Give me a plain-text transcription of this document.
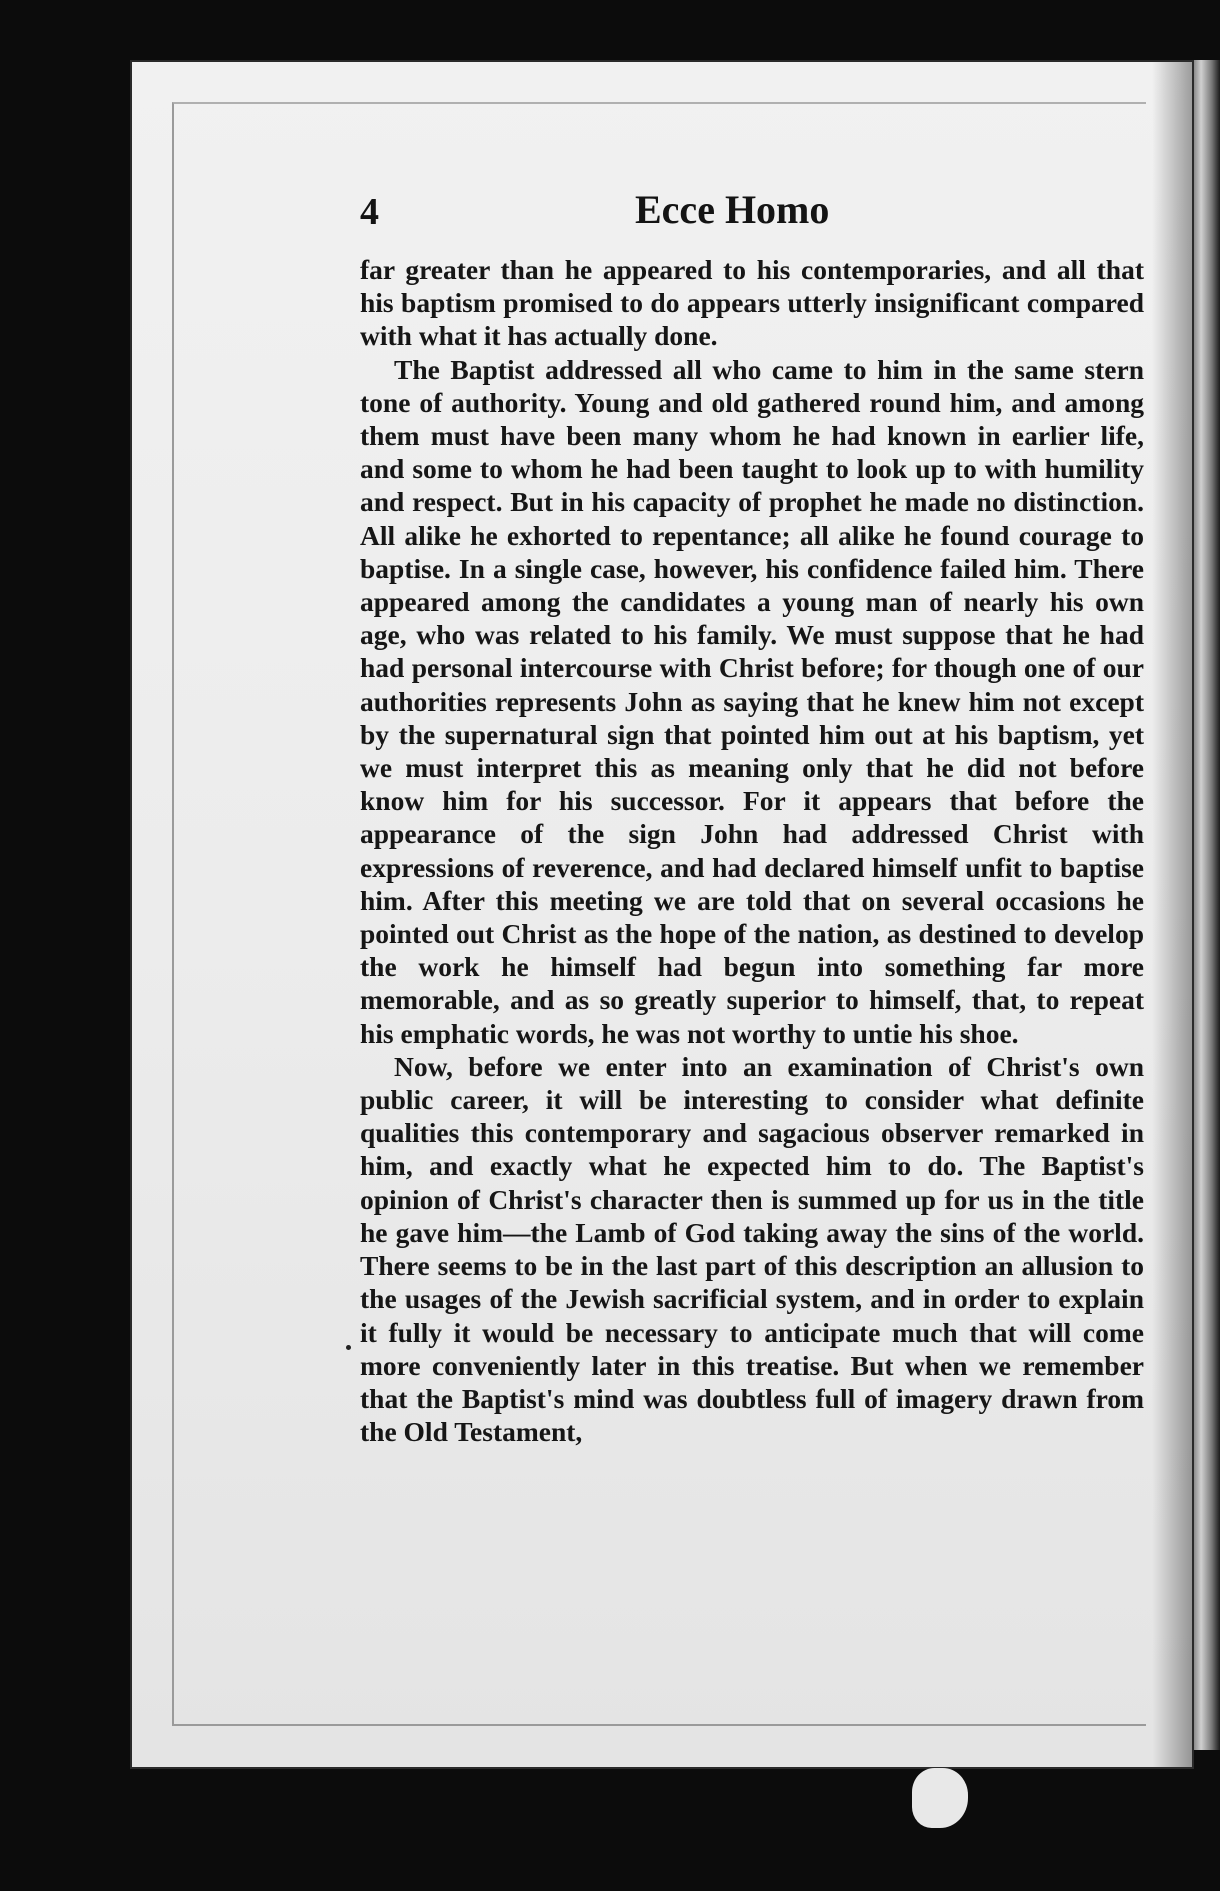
4	Ecce Homo

far greater than he appeared to his contemporaries, and all that his baptism promised to do appears utterly insignificant compared with what it has actually done.

The Baptist addressed all who came to him in the same stern tone of authority. Young and old gathered round him, and among them must have been many whom he had known in earlier life, and some to whom he had been taught to look up to with humility and respect. But in his capacity of prophet he made no distinction. All alike he exhorted to repentance; all alike he found courage to baptise. In a single case, however, his confidence failed him. There appeared among the candidates a young man of nearly his own age, who was related to his family. We must suppose that he had had personal intercourse with Christ before; for though one of our authorities represents John as saying that he knew him not except by the supernatural sign that pointed him out at his baptism, yet we must interpret this as meaning only that he did not before know him for his successor. For it appears that before the appearance of the sign John had addressed Christ with expressions of reverence, and had declared himself unfit to baptise him. After this meeting we are told that on several occasions he pointed out Christ as the hope of the nation, as destined to develop the work he himself had begun into something far more memorable, and as so greatly superior to himself, that, to repeat his emphatic words, he was not worthy to untie his shoe.

Now, before we enter into an examination of Christ's own public career, it will be interesting to consider what definite qualities this contemporary and sagacious observer remarked in him, and exactly what he expected him to do. The Baptist's opinion of Christ's character then is summed up for us in the title he gave him—the Lamb of God taking away the sins of the world. There seems to be in the last part of this description an allusion to the usages of the Jewish sacrificial system, and in order to explain it fully it would be necessary to anticipate much that will come more conveniently later in this treatise. But when we remember that the Baptist's mind was doubtless full of imagery drawn from the Old Testament,
